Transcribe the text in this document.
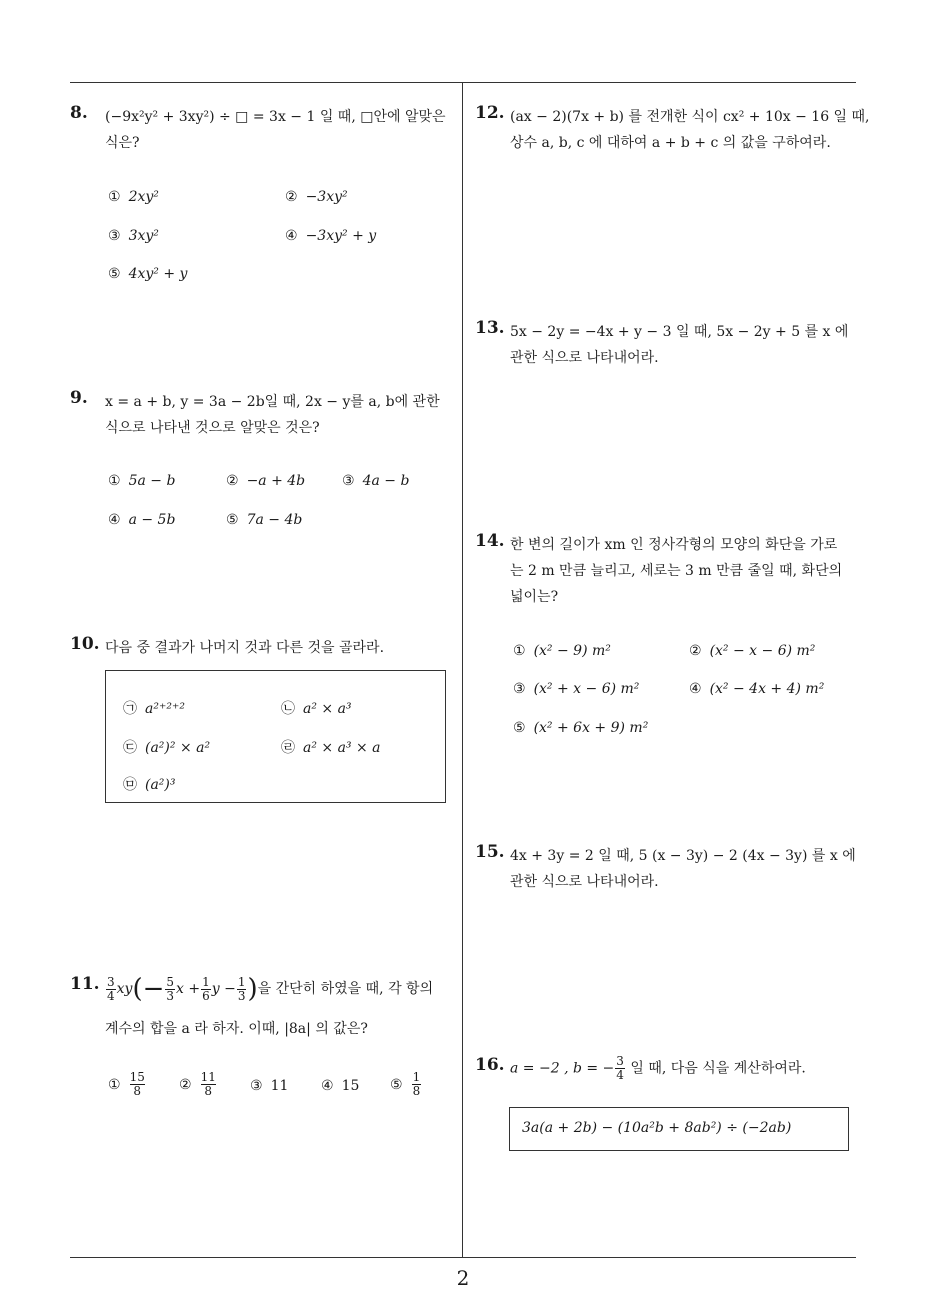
8. (−9x²y² + 3xy²) ÷ □ = 3x − 1 일 때, □안에 알맞은
식은?
① 2xy²	② −3xy²
③ 3xy²	④ −3xy² + y
⑤ 4xy² + y
9. x = a + b, y = 3a − 2b일 때, 2x − y를 a, b에 관한
식으로 나타낸 것으로 알맞은 것은?
① 5a − b	② −a + 4b	③ 4a − b
④ a − 5b	⑤ 7a − 4b
10. 다음 중 결과가 나머지 것과 다른 것을 골라라.
㉠ a²⁺²⁺²	㉡ a² × a³
㉢ (a²)² × a²	㉣ a² × a³ × a
㉤ (a²)³
11. $\frac{3}{4} xy(- \frac{5}{3}$ $x + \frac{1}{6}$ $y - \frac{1}{3}$ )을 간단히 하였을 때, 각 항의
계수의 합을 a 라 하자. 이때, |8a| 의 값은?
① $\frac{15}{8}$ ② $\frac{11}{8}$ ③ 11 ④ 15 ⑤ $\frac{1}{8}$
12. (ax − 2)(7x + b) 를 전개한 식이 cx² + 10x − 16 일 때,
상수 a, b, c 에 대하여 a + b + c 의 값을 구하여라.
13. 5x − 2y = −4x + y − 3 일 때, 5x − 2y + 5 를 x 에
관한 식으로 나타내어라.
14. 한 변의 길이가 xm 인 정사각형의 모양의 화단을 가로
는 2 m 만큼 늘리고, 세로는 3 m 만큼 줄일 때, 화단의
넓이는?
① (x² − 9) m²	② (x² − x − 6) m²
③ (x² + x − 6) m²	④ (x² − 4x + 4) m²
⑤ (x² + 6x + 9) m²
15. 4x + 3y = 2 일 때, 5 (x − 3y) − 2 (4x − 3y) 를 x 에
관한 식으로 나타내어라.
16. a = −2 , b = − $\frac{3}{4}$ 일 때, 다음 식을 계산하여라.
3a(a + 2b) − (10a²b + 8ab²) ÷ (−2ab)
2
